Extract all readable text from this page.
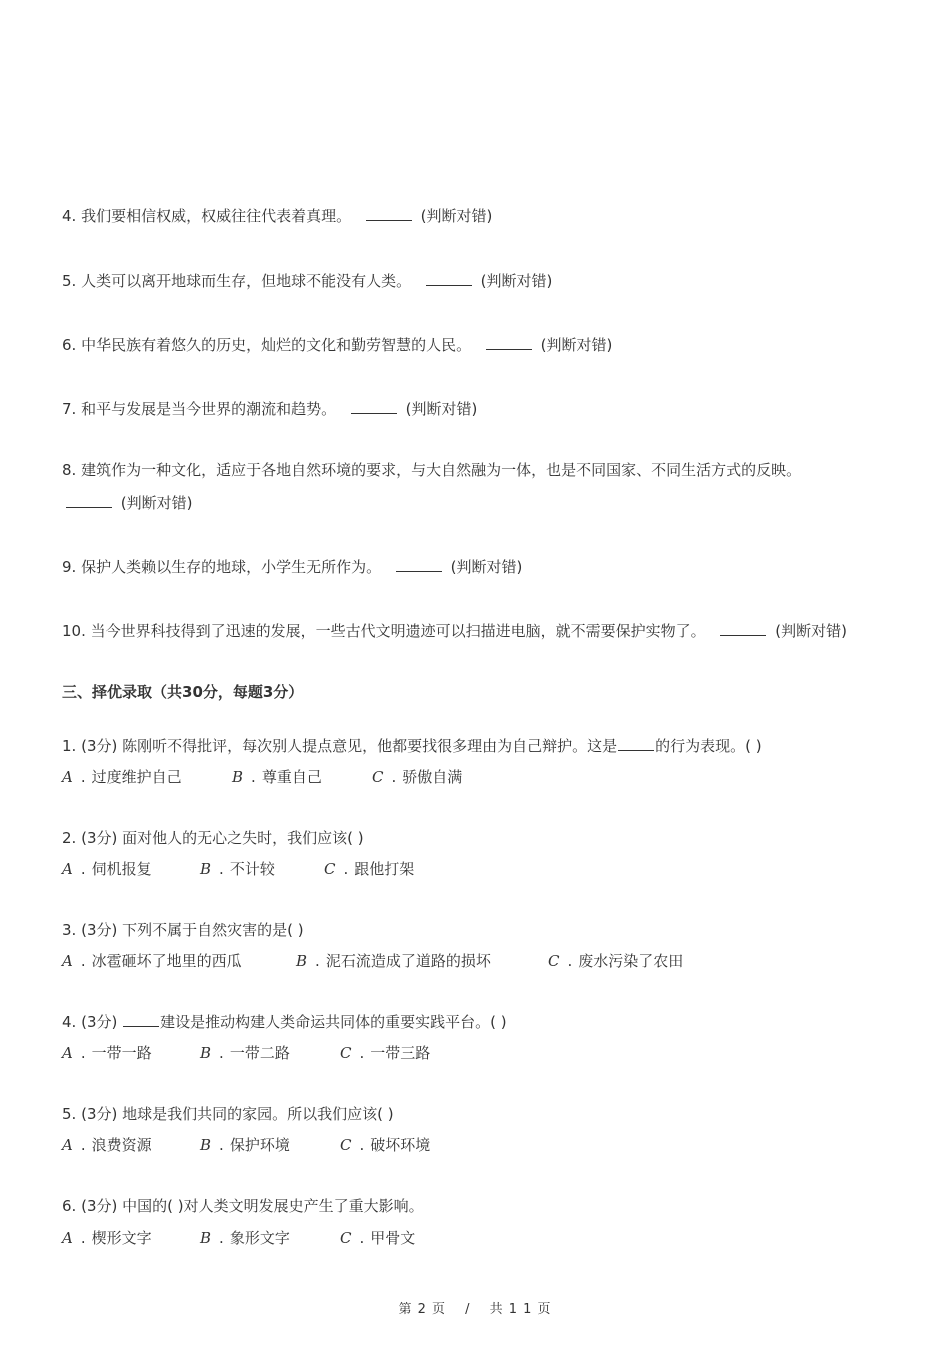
4. 我们要相信权威，权威往往代表着真理。	(判断对错)
5. 人类可以离开地球而生存，但地球不能没有人类。	(判断对错)
6. 中华民族有着悠久的历史，灿烂的文化和勤劳智慧的人民。	(判断对错)
7. 和平与发展是当今世界的潮流和趋势。	(判断对错)
8. 建筑作为一种文化，适应于各地自然环境的要求，与大自然融为一体，也是不同国家、不同生活方式的反映。
(判断对错)
9. 保护人类赖以生存的地球，小学生无所作为。	(判断对错)
10. 当今世界科技得到了迅速的发展，一些古代文明遗迹可以扫描进电脑，就不需要保护实物了。	(判断对错)
三、择优录取（共30分，每题3分）
1. (3分) 陈刚听不得批评，每次别人提点意见，他都要找很多理由为自己辩护。这是	的行为表现。( )
A . 过度维护自己	B . 尊重自己	C . 骄傲自满
2. (3分) 面对他人的无心之失时，我们应该( )
A . 伺机报复	B . 不计较	C . 跟他打架
3. (3分) 下列不属于自然灾害的是( )
A . 冰雹砸坏了地里的西瓜	B . 泥石流造成了道路的损坏	C . 废水污染了农田
4. (3分)	建设是推动构建人类命运共同体的重要实践平台。( )
A . 一带一路	B . 一带二路	C . 一带三路
5. (3分) 地球是我们共同的家园。所以我们应该( )
A . 浪费资源	B . 保护环境	C . 破坏环境
6. (3分) 中国的( )对人类文明发展史产生了重大影响。
A . 楔形文字	B . 象形文字	C . 甲骨文
第 2 页 　/　 共 1 1 页
